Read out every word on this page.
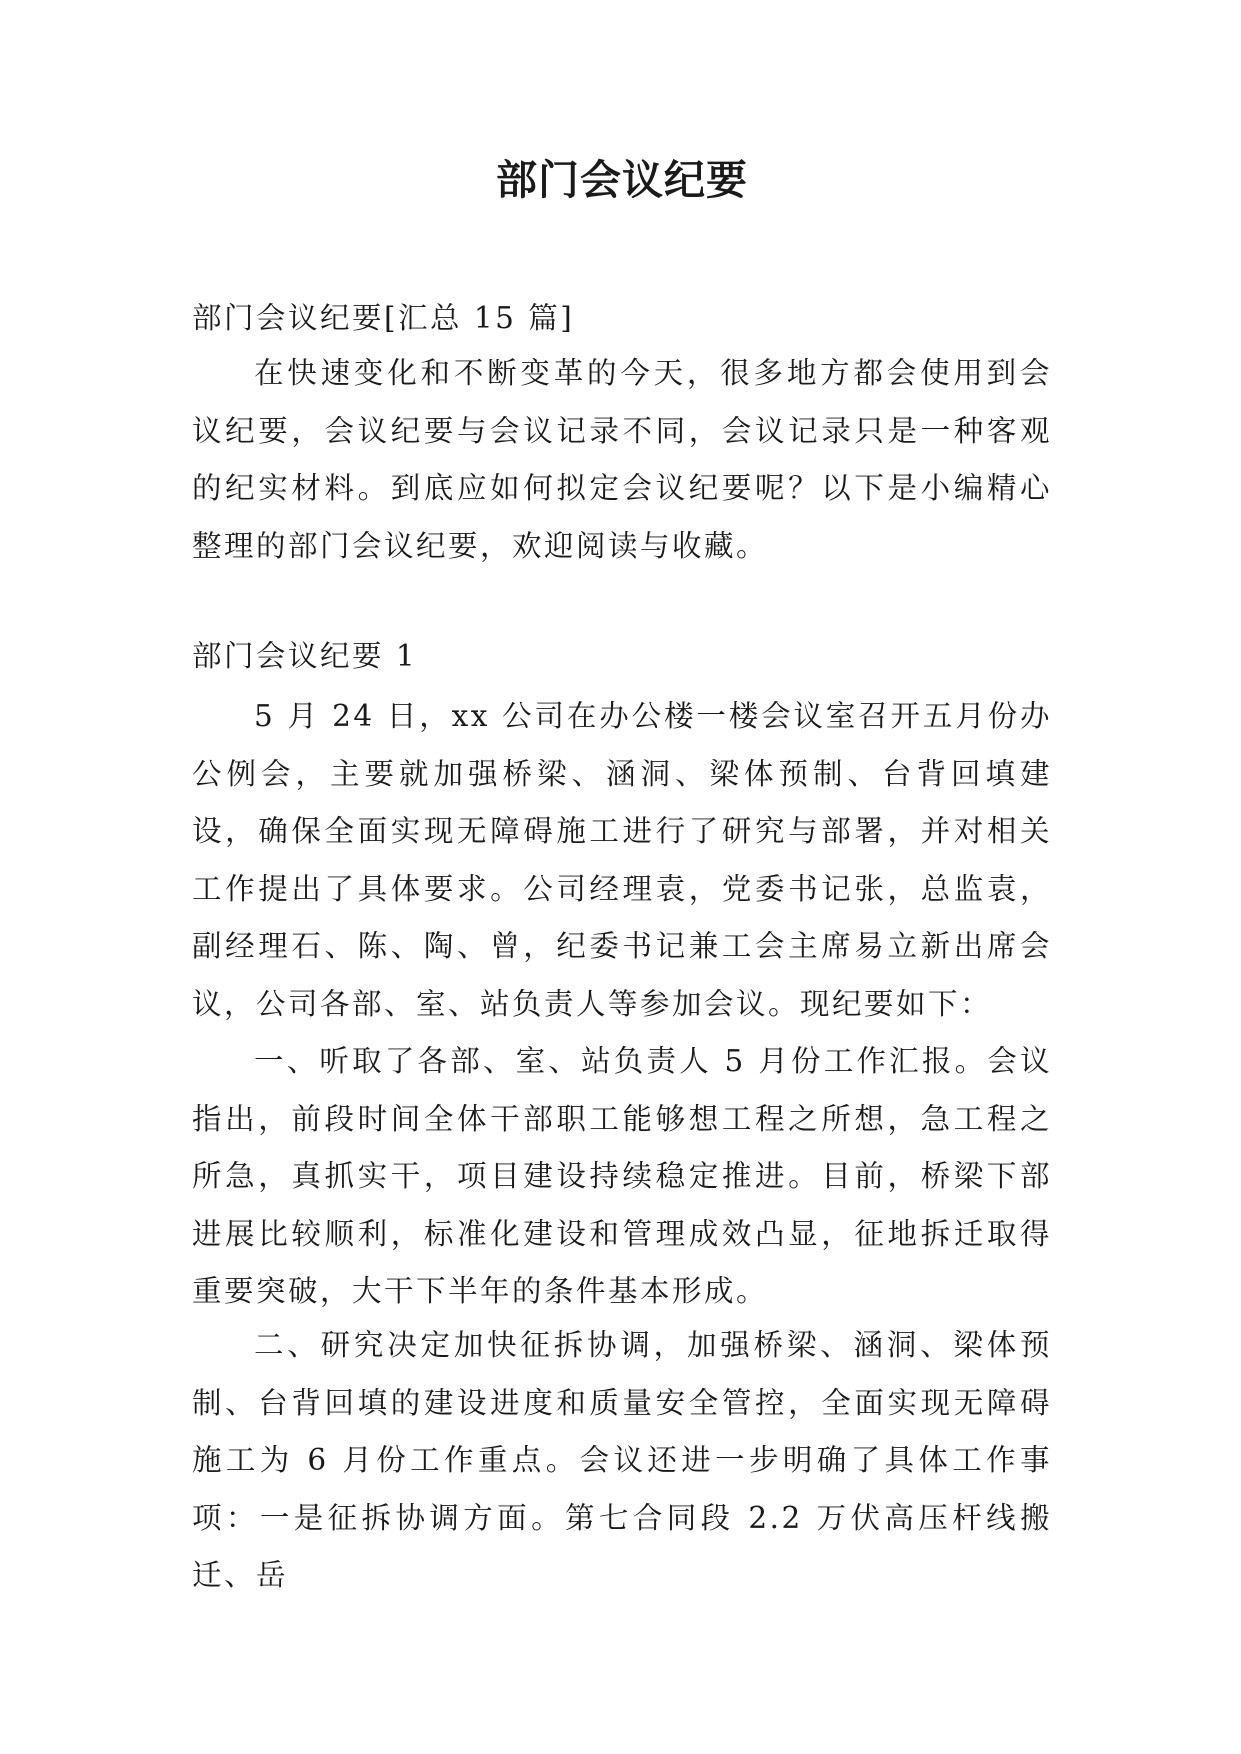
部门会议纪要

部门会议纪要[汇总 15 篇]

在快速变化和不断变革的今天，很多地方都会使用到会议纪要，会议纪要与会议记录不同，会议记录只是一种客观的纪实材料。到底应如何拟定会议纪要呢？以下是小编精心整理的部门会议纪要，欢迎阅读与收藏。

部门会议纪要 1

5 月 24 日，xx 公司在办公楼一楼会议室召开五月份办公例会，主要就加强桥梁、涵洞、梁体预制、台背回填建设，确保全面实现无障碍施工进行了研究与部署，并对相关工作提出了具体要求。公司经理袁，党委书记张，总监袁，副经理石、陈、陶、曾，纪委书记兼工会主席易立新出席会议，公司各部、室、站负责人等参加会议。现纪要如下：

一、听取了各部、室、站负责人 5 月份工作汇报。会议指出，前段时间全体干部职工能够想工程之所想，急工程之所急，真抓实干，项目建设持续稳定推进。目前，桥梁下部进展比较顺利，标准化建设和管理成效凸显，征地拆迁取得重要突破，大干下半年的条件基本形成。

二、研究决定加快征拆协调，加强桥梁、涵洞、梁体预制、台背回填的建设进度和质量安全管控，全面实现无障碍施工为 6 月份工作重点。会议还进一步明确了具体工作事项：一是征拆协调方面。第七合同段 2.2 万伏高压杆线搬迁、岳
